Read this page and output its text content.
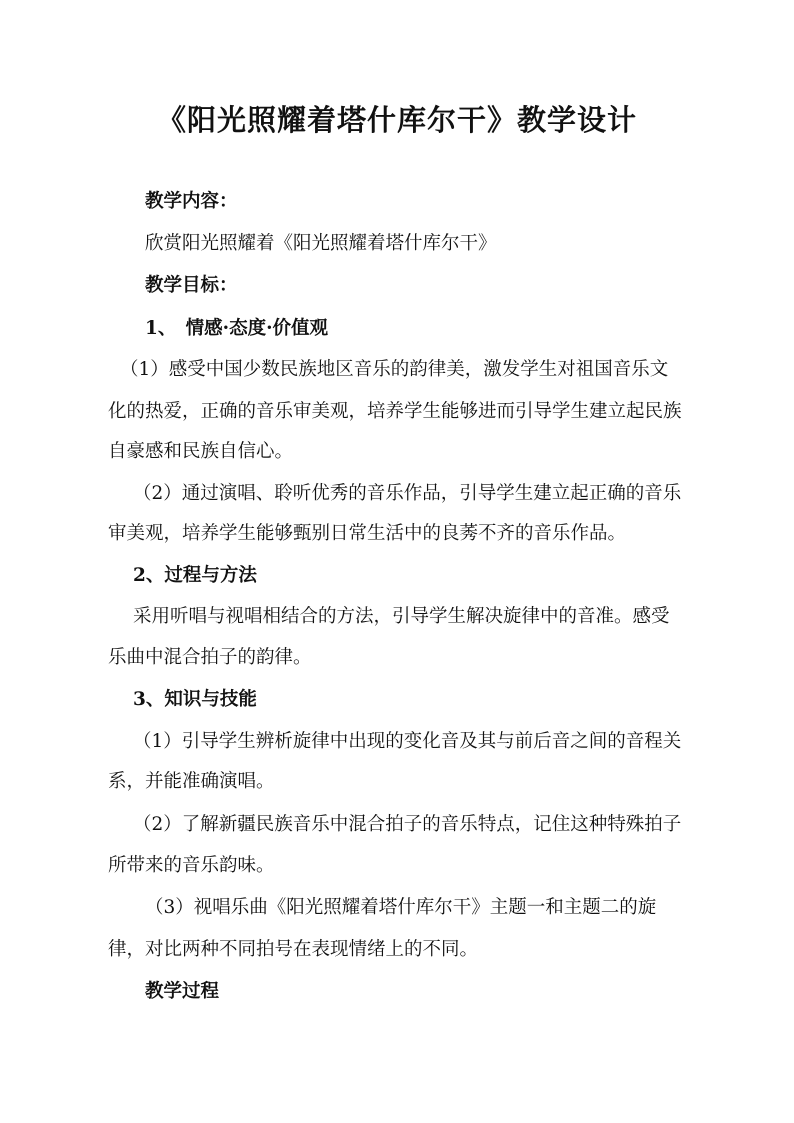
《阳光照耀着塔什库尔干》教学设计
教学内容：
欣赏阳光照耀着《阳光照耀着塔什库尔干》
教学目标：
1、　情感·态度·价值观
（1）感受中国少数民族地区音乐的韵律美，激发学生对祖国音乐文
化的热爱，正确的音乐审美观，培养学生能够进而引导学生建立起民族
自豪感和民族自信心。
（2）通过演唱、聆听优秀的音乐作品，引导学生建立起正确的音乐
审美观，培养学生能够甄别日常生活中的良莠不齐的音乐作品。
2、过程与方法
采用听唱与视唱相结合的方法，引导学生解决旋律中的音准。感受
乐曲中混合拍子的韵律。
3、知识与技能
（1）引导学生辨析旋律中出现的变化音及其与前后音之间的音程关
系，并能准确演唱。
（2）了解新疆民族音乐中混合拍子的音乐特点，记住这种特殊拍子
所带来的音乐韵味。
（3）视唱乐曲《阳光照耀着塔什库尔干》主题一和主题二的旋
律，对比两种不同拍号在表现情绪上的不同。
教学过程
